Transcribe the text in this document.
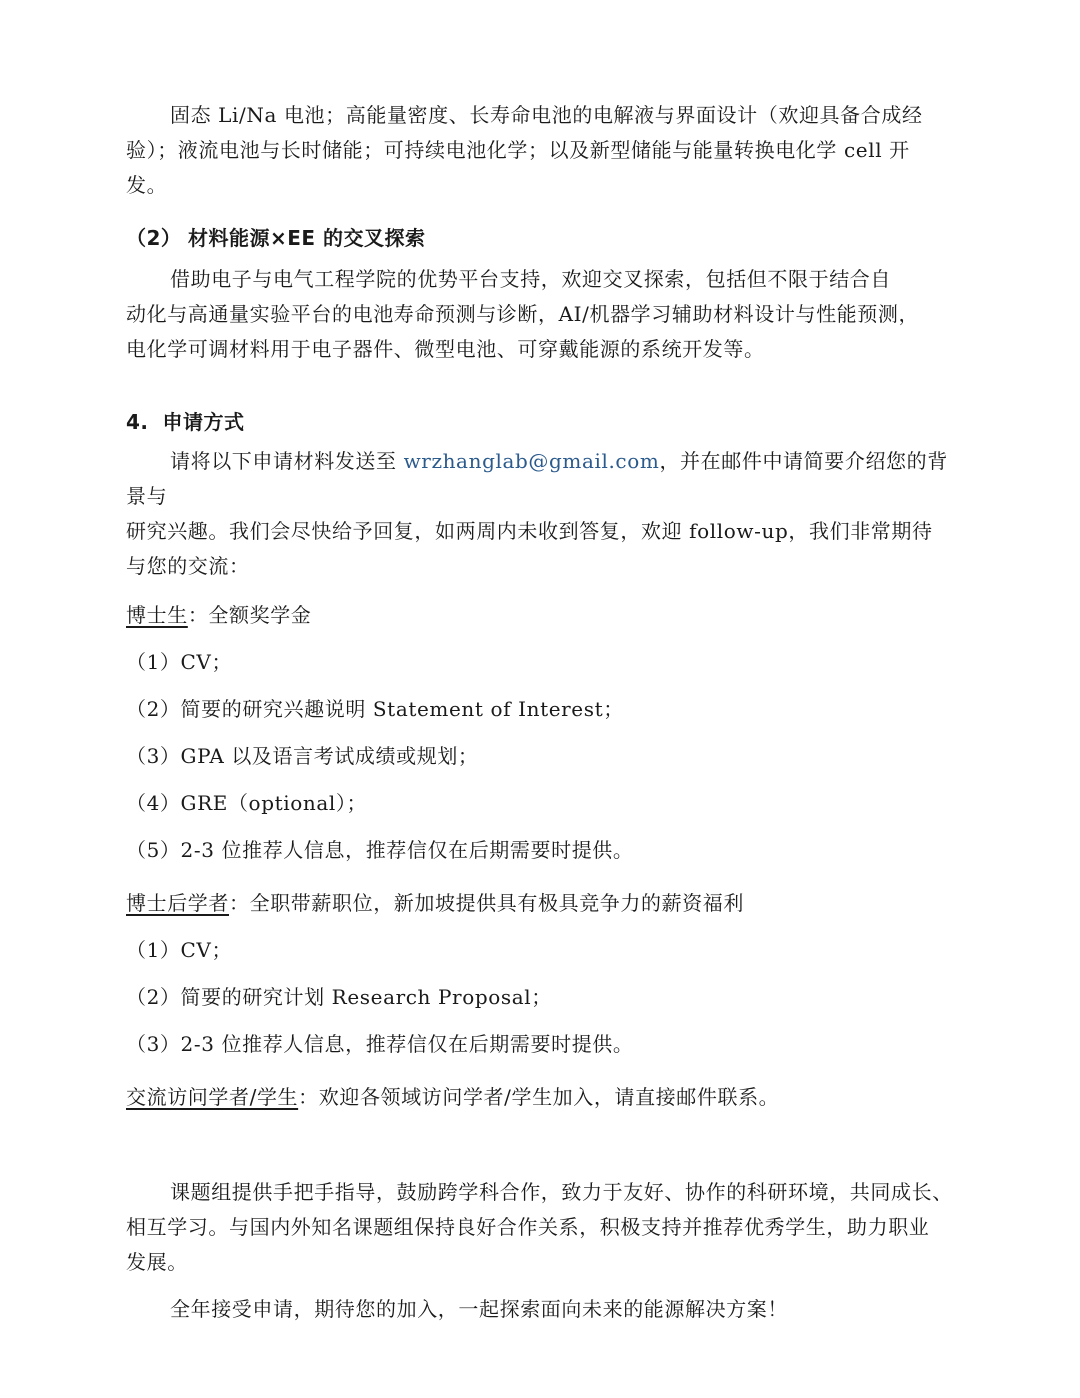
固态 Li/Na 电池；高能量密度、长寿命电池的电解液与界面设计（欢迎具备合成经

验）；液流电池与长时储能；可持续电池化学；以及新型储能与能量转换电化学 cell 开

发。

（2） 材料能源×EE 的交叉探索

借助电子与电气工程学院的优势平台支持，欢迎交叉探索，包括但不限于结合自

动化与高通量实验平台的电池寿命预测与诊断，AI/机器学习辅助材料设计与性能预测，

电化学可调材料用于电子器件、微型电池、可穿戴能源的系统开发等。

4. 申请方式

请将以下申请材料发送至 wrzhanglab@gmail.com，并在邮件中请简要介绍您的背景与

研究兴趣。我们会尽快给予回复，如两周内未收到答复，欢迎 follow-up，我们非常期待

与您的交流：

博士生：全额奖学金

（1）CV；

（2）简要的研究兴趣说明 Statement of Interest；

（3）GPA 以及语言考试成绩或规划；

（4）GRE（optional）；

（5）2-3 位推荐人信息，推荐信仅在后期需要时提供。

博士后学者：全职带薪职位，新加坡提供具有极具竞争力的薪资福利

（1）CV；

（2）简要的研究计划 Research Proposal；

（3）2-3 位推荐人信息，推荐信仅在后期需要时提供。

交流访问学者/学生：欢迎各领域访问学者/学生加入，请直接邮件联系。

课题组提供手把手指导，鼓励跨学科合作，致力于友好、协作的科研环境，共同成长、

相互学习。与国内外知名课题组保持良好合作关系，积极支持并推荐优秀学生，助力职业

发展。

全年接受申请，期待您的加入，一起探索面向未来的能源解决方案！
